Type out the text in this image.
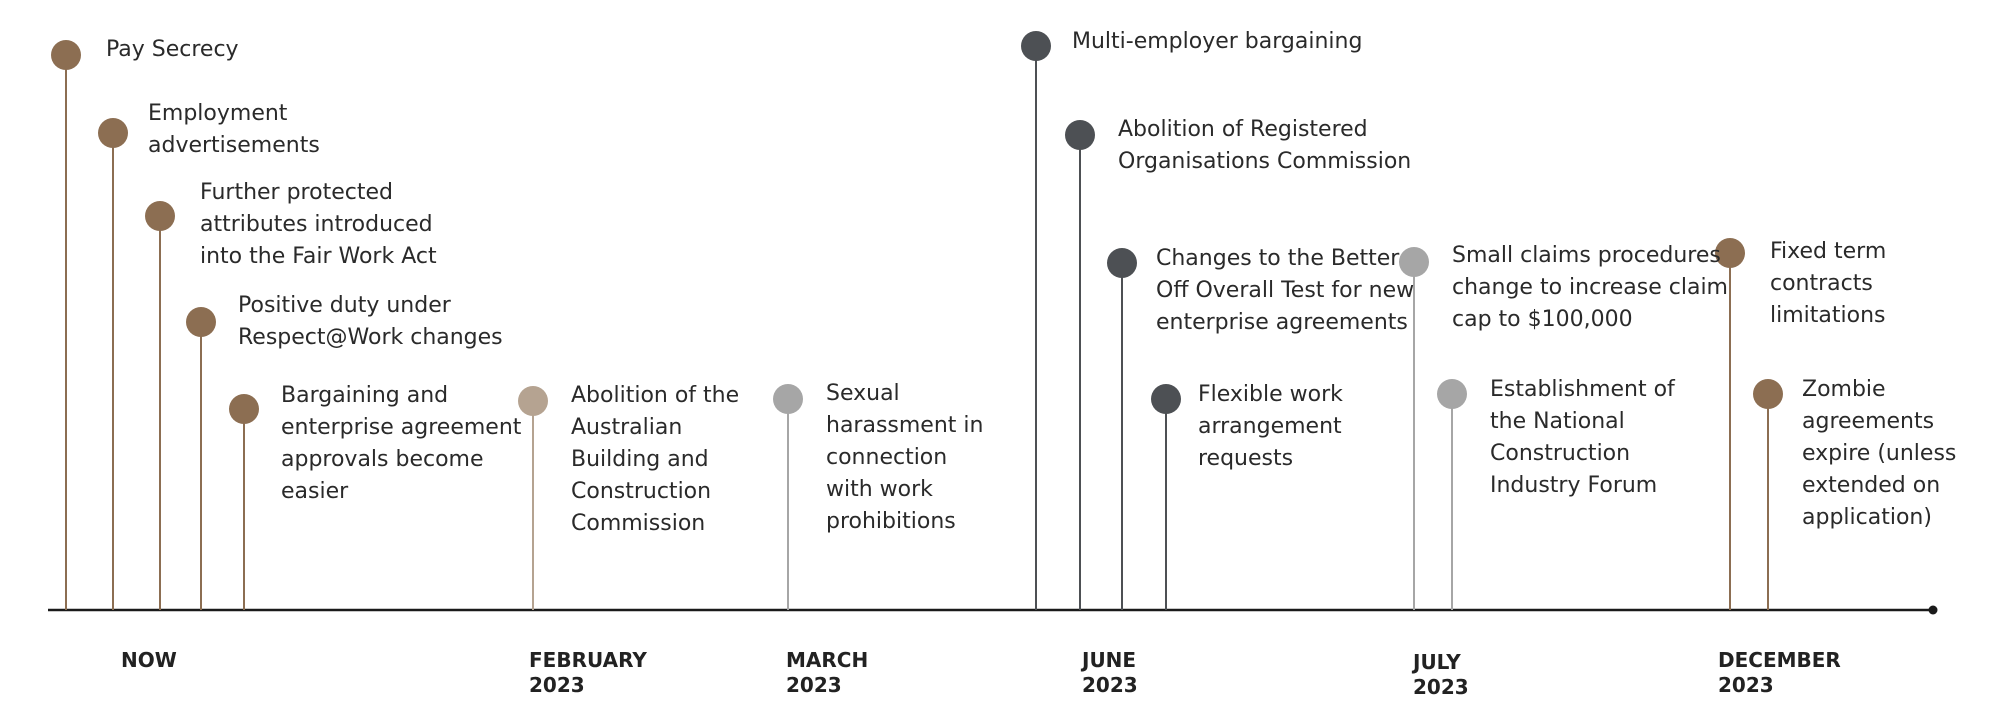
Pay Secrecy
Employment
advertisements
Further protected
attributes introduced
into the Fair Work Act
Positive duty under
Respect@Work changes
Bargaining and
enterprise agreement
approvals become
easier
Abolition of the
Australian
Building and
Construction
Commission
Sexual
harassment in
connection
with work
prohibitions
Multi-employer bargaining
Abolition of Registered
Organisations Commission
Changes to the Better
Off Overall Test for new
enterprise agreements
Flexible work
arrangement
requests
Small claims procedures
change to increase claim
cap to $100,000
Establishment of
the National
Construction
Industry Forum
Fixed term
contracts
limitations
Zombie
agreements
expire (unless
extended on
application)
NOW	FEBRUARY
2023
MARCH
2023
JUNE
2023
JULY
2023
DECEMBER
2023
